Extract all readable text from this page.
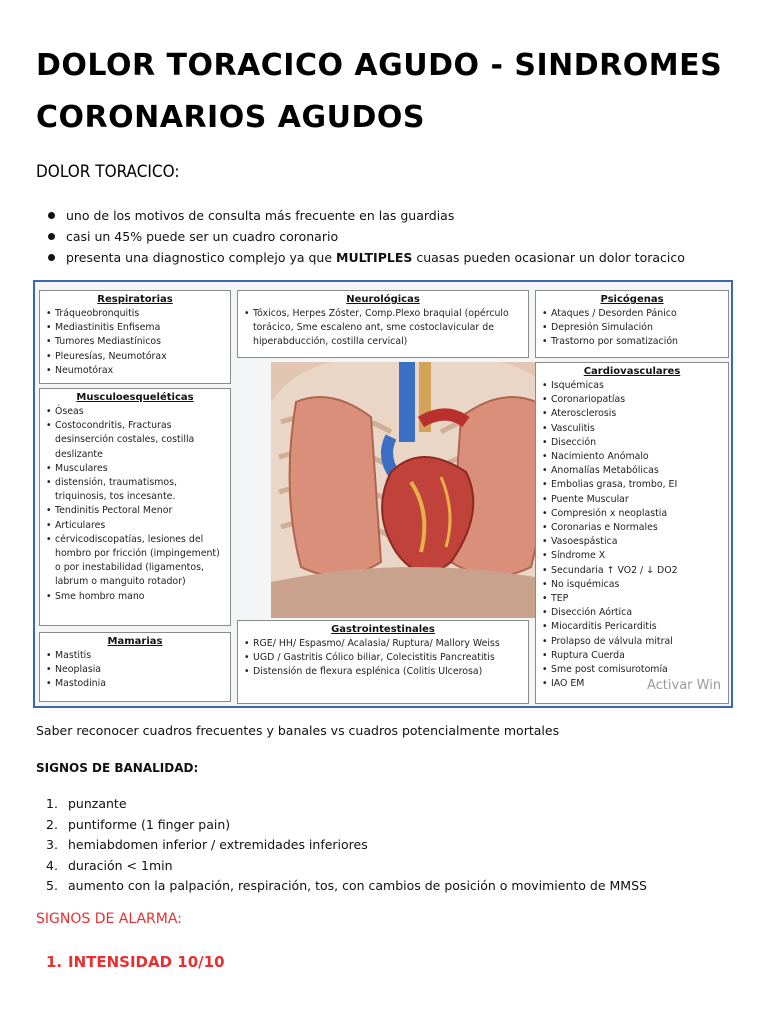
DOLOR TORACICO AGUDO - SINDROMES CORONARIOS AGUDOS
DOLOR TORACICO:
uno de los motivos de consulta más frecuente en las guardias
casi un 45% puede ser un cuadro coronario
presenta una diagnostico complejo ya que MULTIPLES cuasas pueden ocasionar un dolor toracico
Respiratorias
• Tráqueobronquitis
• Mediastinitis Enfisema
• Tumores Mediastínicos
• Pleuresías, Neumotórax
• Neumotórax
Neurológicas

• Tóxicos, Herpes Zóster, Comp.Plexo braquial (opérculo torácico, Sme escaleno ant, sme costoclavicular de hiperabducción, costilla cervical)

Psicógenas
• Ataques / Desorden Pánico
• Depresión Simulación
• Trastorno por somatización
Musculoesqueléticas
• Óseas
• Costocondritis, Fracturas desinserción costales, costilla deslizante
• Musculares
• distensión, traumatismos, triquinosis, tos incesante.
• Tendinitis Pectoral Menor
• Articulares
• cérvicodiscopatías, lesiones del hombro por fricción (impingement) o por inestabilidad (ligamentos, labrum o manguito rotador)
• Sme hombro mano
Cardiovasculares
• Isquémicas
• Coronariopatías
• Aterosclerosis
• Vasculitis
• Disección
• Nacimiento Anómalo
• Anomalías Metabólicas
• Embolias grasa, trombo, EI
• Puente Muscular
• Compresión x neoplastia
• Coronarias e Normales
• Vasoespástica
• Síndrome X
• Secundaria ↑ VO2 / ↓ DO2
• No isquémicas
• TEP
• Disección Aórtica
• Miocarditis Pericarditis
• Prolapso de válvula mitral
• Ruptura Cuerda
• Sme post comisurotomía
• IAO EM
Mamarias
• Mastitis
• Neoplasia
• Mastodinia
Gastrointestinales
• RGE/ HH/ Espasmo/ Acalasia/ Ruptura/ Mallory Weiss
• UGD / Gastritis Cólico biliar, Colecistitis Pancreatitis
• Distensión de flexura esplénica (Colitis Ulcerosa)
Activar Win
Saber reconocer cuadros frecuentes y banales vs cuadros potencialmente mortales
SIGNOS DE BANALIDAD:
1. punzante
2. puntiforme (1 finger pain)
3. hemiabdomen inferior / extremidades inferiores
4. duración < 1min
5. aumento con la palpación, respiración, tos, con cambios de posición o movimiento de MMSS
SIGNOS DE ALARMA:
1. INTENSIDAD 10/10
